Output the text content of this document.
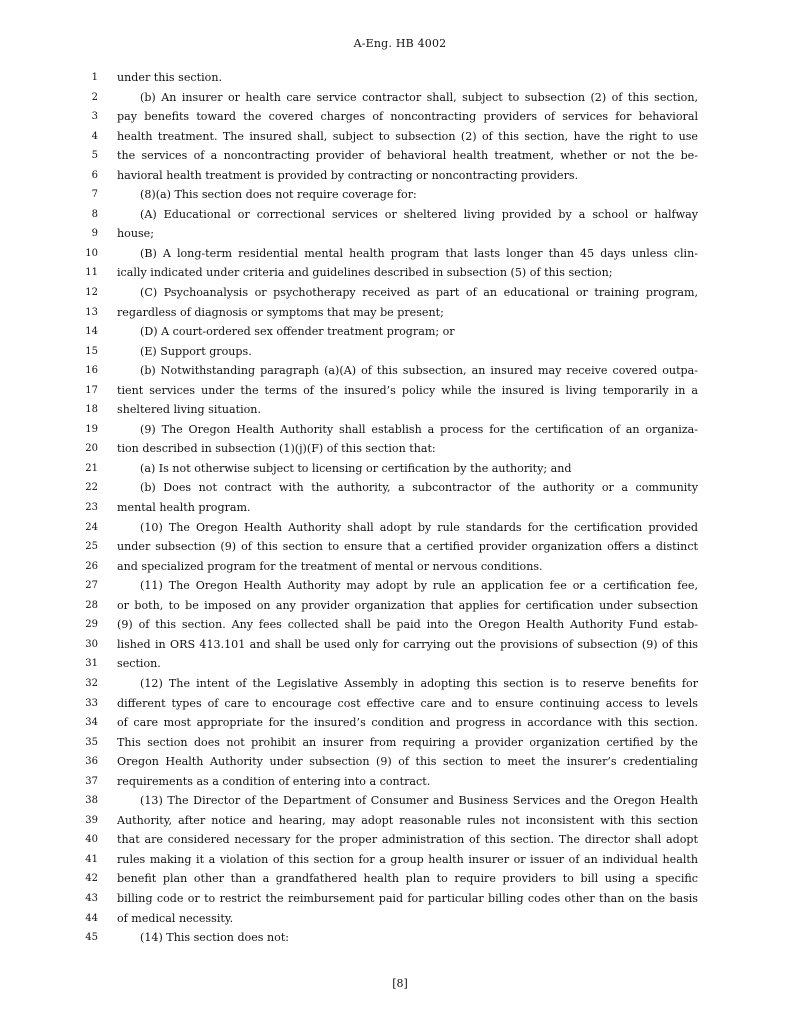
A-Eng. HB 4002
1 under this section.
2	(b) An insurer or health care service contractor shall, subject to subsection (2) of this section,
3 pay benefits toward the covered charges of noncontracting providers of services for behavioral
4 health treatment. The insured shall, subject to subsection (2) of this section, have the right to use
5 the services of a noncontracting provider of behavioral health treatment, whether or not the be-
6 havioral health treatment is provided by contracting or noncontracting providers.
7	(8)(a) This section does not require coverage for:
8	(A) Educational or correctional services or sheltered living provided by a school or halfway
9 house;
10	(B) A long-term residential mental health program that lasts longer than 45 days unless clin-
11 ically indicated under criteria and guidelines described in subsection (5) of this section;
12	(C) Psychoanalysis or psychotherapy received as part of an educational or training program,
13 regardless of diagnosis or symptoms that may be present;
14	(D) A court-ordered sex offender treatment program; or
15	(E) Support groups.
16	(b) Notwithstanding paragraph (a)(A) of this subsection, an insured may receive covered outpa-
17 tient services under the terms of the insured’s policy while the insured is living temporarily in a
18 sheltered living situation.
19	(9) The Oregon Health Authority shall establish a process for the certification of an organiza-
20 tion described in subsection (1)(j)(F) of this section that:
21	(a) Is not otherwise subject to licensing or certification by the authority; and
22	(b) Does not contract with the authority, a subcontractor of the authority or a community
23 mental health program.
24	(10) The Oregon Health Authority shall adopt by rule standards for the certification provided
25 under subsection (9) of this section to ensure that a certified provider organization offers a distinct
26 and specialized program for the treatment of mental or nervous conditions.
27	(11) The Oregon Health Authority may adopt by rule an application fee or a certification fee,
28 or both, to be imposed on any provider organization that applies for certification under subsection
29 (9) of this section. Any fees collected shall be paid into the Oregon Health Authority Fund estab-
30 lished in ORS 413.101 and shall be used only for carrying out the provisions of subsection (9) of this
31 section.
32	(12) The intent of the Legislative Assembly in adopting this section is to reserve benefits for
33 different types of care to encourage cost effective care and to ensure continuing access to levels
34 of care most appropriate for the insured’s condition and progress in accordance with this section.
35 This section does not prohibit an insurer from requiring a provider organization certified by the
36 Oregon Health Authority under subsection (9) of this section to meet the insurer’s credentialing
37 requirements as a condition of entering into a contract.
38	(13) The Director of the Department of Consumer and Business Services and the Oregon Health
39 Authority, after notice and hearing, may adopt reasonable rules not inconsistent with this section
40 that are considered necessary for the proper administration of this section. The director shall adopt
41 rules making it a violation of this section for a group health insurer or issuer of an individual health
42 benefit plan other than a grandfathered health plan to require providers to bill using a specific
43 billing code or to restrict the reimbursement paid for particular billing codes other than on the basis
44 of medical necessity.
45	(14) This section does not:
[8]
